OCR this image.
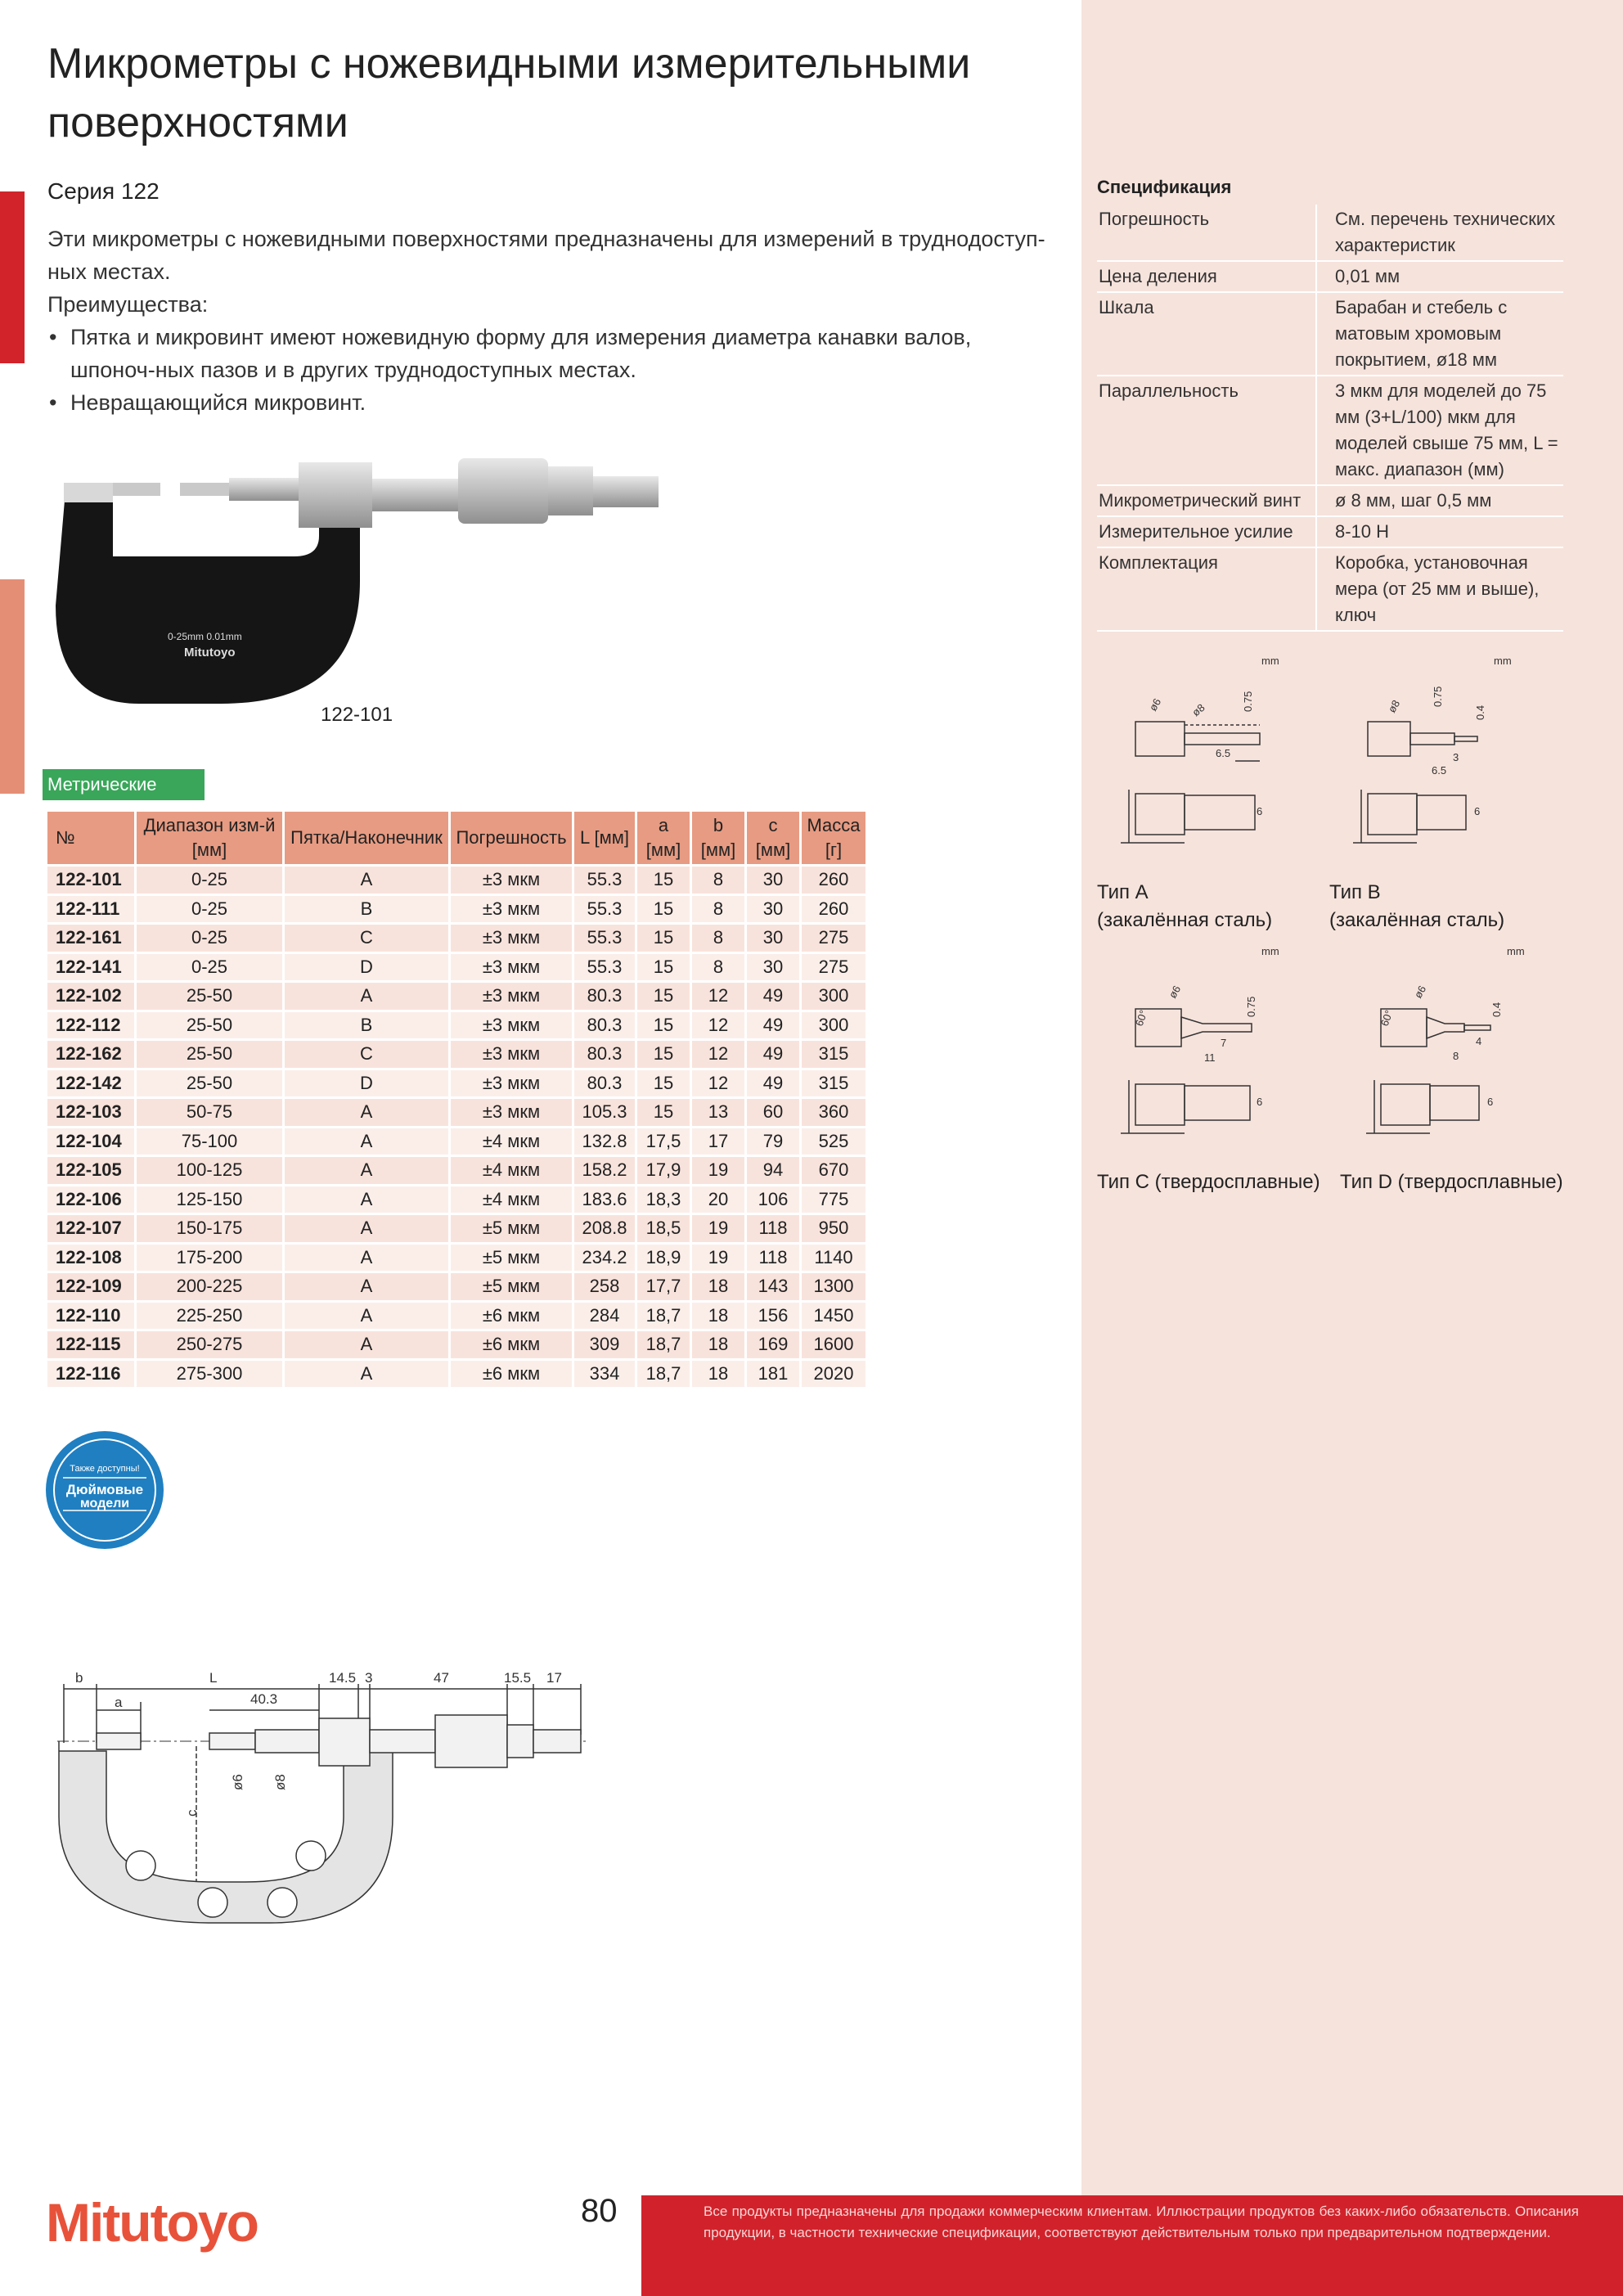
Микрометры с ножевидными измерительными поверхностями
Серия 122
Эти микрометры с ножевидными поверхностями предназначены для измерений в труднодоступ-ных местах.
Преимущества:
• Пятка и микровинт имеют ножевидную форму для измерения диаметра канавки валов, шпоноч-ных пазов и в других труднодоступных местах.
• Невращающийся микровинт.
0-25mm 0.01mm
Mitutoyo
122-101
Спецификация
Погрешность	См. перечень технических характеристик
Цена деления	0,01 мм
Шкала	Барабан и стебель с матовым хромовым покрытием, ø18 мм
Параллельность	3 мкм для моделей до 75 мм (3+L/100) мкм для моделей свыше 75 мм, L = макс. диапазон (мм)
Микрометрический винт	ø 8 мм, шаг 0,5 мм
Измерительное усилие	8-10 Н
Комплектация	Коробка, установочная мера (от 25 мм и выше), ключ
mm
ø6 ø8	0.75
6.5
6
Тип А
(закалённая сталь)
mm
ø8	0.75
0.4
3
6.5
6
Тип В
(закалённая сталь)
mm
60°
ø6
0.75
7
11
6
Тип С (твердосплавные)
mm
60°
ø6
0.4
4
8
6
Тип D (твердосплавные)
Метрические
№	Диапазон изм-й [мм]	Пятка/Наконечник	Погрешность	L [мм]	a [мм]	b [мм]	c [мм]	Масса [г]
122-101	0-25	A	±3 мкм	55.3	15	8	30	260
122-111	0-25	B	±3 мкм	55.3	15	8	30	260
122-161	0-25	C	±3 мкм	55.3	15	8	30	275
122-141	0-25	D	±3 мкм	55.3	15	8	30	275
122-102	25-50	A	±3 мкм	80.3	15	12	49	300
122-112	25-50	B	±3 мкм	80.3	15	12	49	300
122-162	25-50	C	±3 мкм	80.3	15	12	49	315
122-142	25-50	D	±3 мкм	80.3	15	12	49	315
122-103	50-75	A	±3 мкм	105.3	15	13	60	360
122-104	75-100	A	±4 мкм	132.8	17,5	17	79	525
122-105	100-125	A	±4 мкм	158.2	17,9	19	94	670
122-106	125-150	A	±4 мкм	183.6	18,3	20	106	775
122-107	150-175	A	±5 мкм	208.8	18,5	19	118	950
122-108	175-200	A	±5 мкм	234.2	18,9	19	118	1140
122-109	200-225	A	±5 мкм	258	17,7	18	143	1300
122-110	225-250	A	±6 мкм	284	18,7	18	156	1450
122-115	250-275	A	±6 мкм	309	18,7	18	169	1600
122-116	275-300	A	±6 мкм	334	18,7	18	181	2020
Также доступны!
Дюймовые
модели
b	L	14.5 3	47	15.5 17
a	40.3
ø6 ø8
c
Mitutoyo	80	Все продукты предназначены для продажи коммерческим клиентам. Иллюстрации продуктов без каких-либо обязательств. Описания продукции, в частности технические спецификации, соответствуют действительным только при предварительном подтверждении.
